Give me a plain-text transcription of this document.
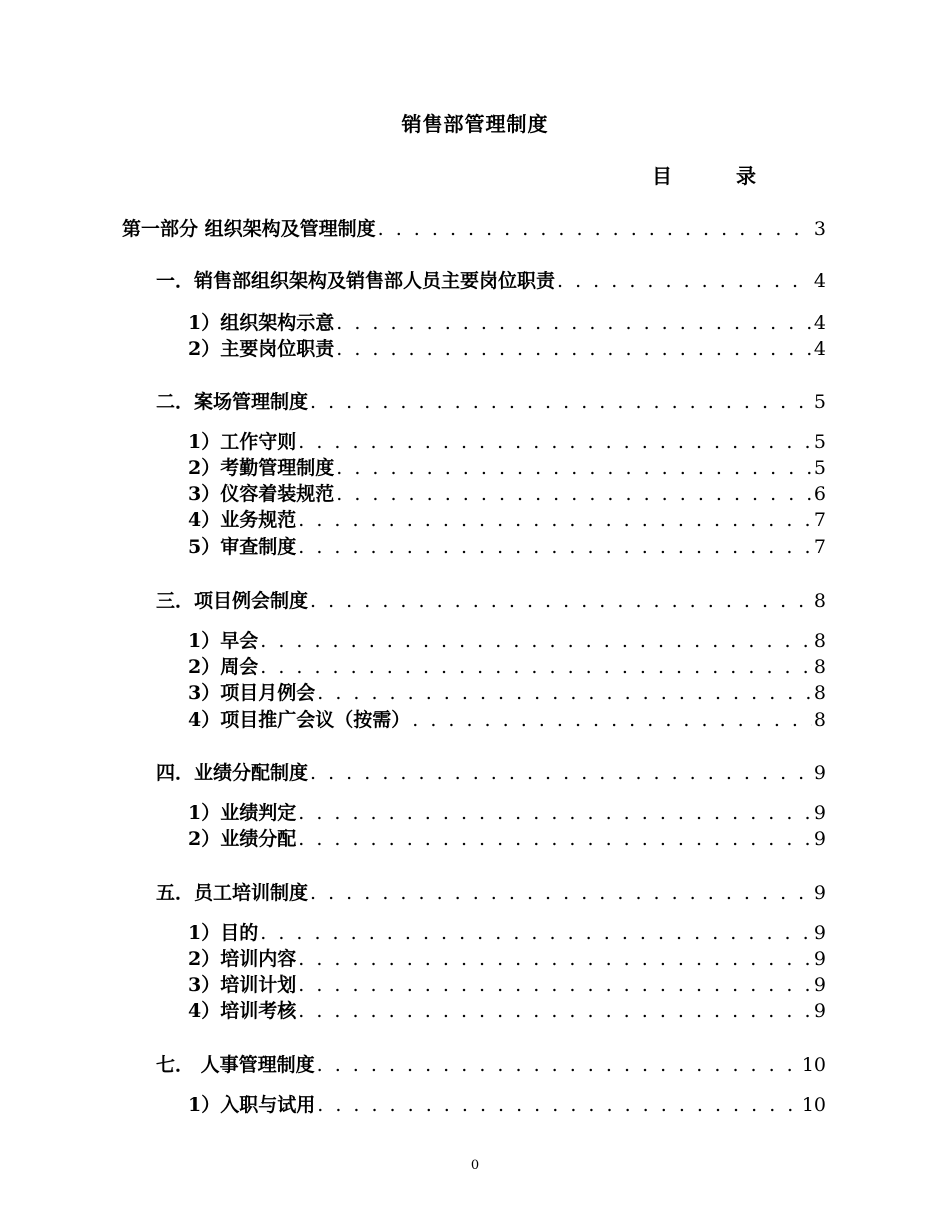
销售部管理制度
目　录
第一部分 组织架构及管理制度 . . .	3
一．销售部组织架构及销售部人员主要岗位职责 . . .	4
1）组织架构示意 . . .	4
2）主要岗位职责 . . .	4
二．案场管理制度 . . .	5
1）工作守则 . . .	5
2）考勤管理制度 . . .	5
3）仪容着装规范 . . .	6
4）业务规范 . . .	7
5）审查制度 . . .	7
三．项目例会制度 . . .	8
1）早会 . . .	8
2）周会 . . .	8
3）项目月例会 . . .	8
4）项目推广会议（按需） . . .	8
四．业绩分配制度 . . .	9
1）业绩判定 . . .	9
2）业绩分配 . . .	9
五．员工培训制度 . . .	9
1）目的 . . .	9
2）培训内容 . . .	9
3）培训计划 . . .	9
4）培训考核 . . .	9
七． 人事管理制度 . . .	10
1）入职与试用 . . .	10
0
